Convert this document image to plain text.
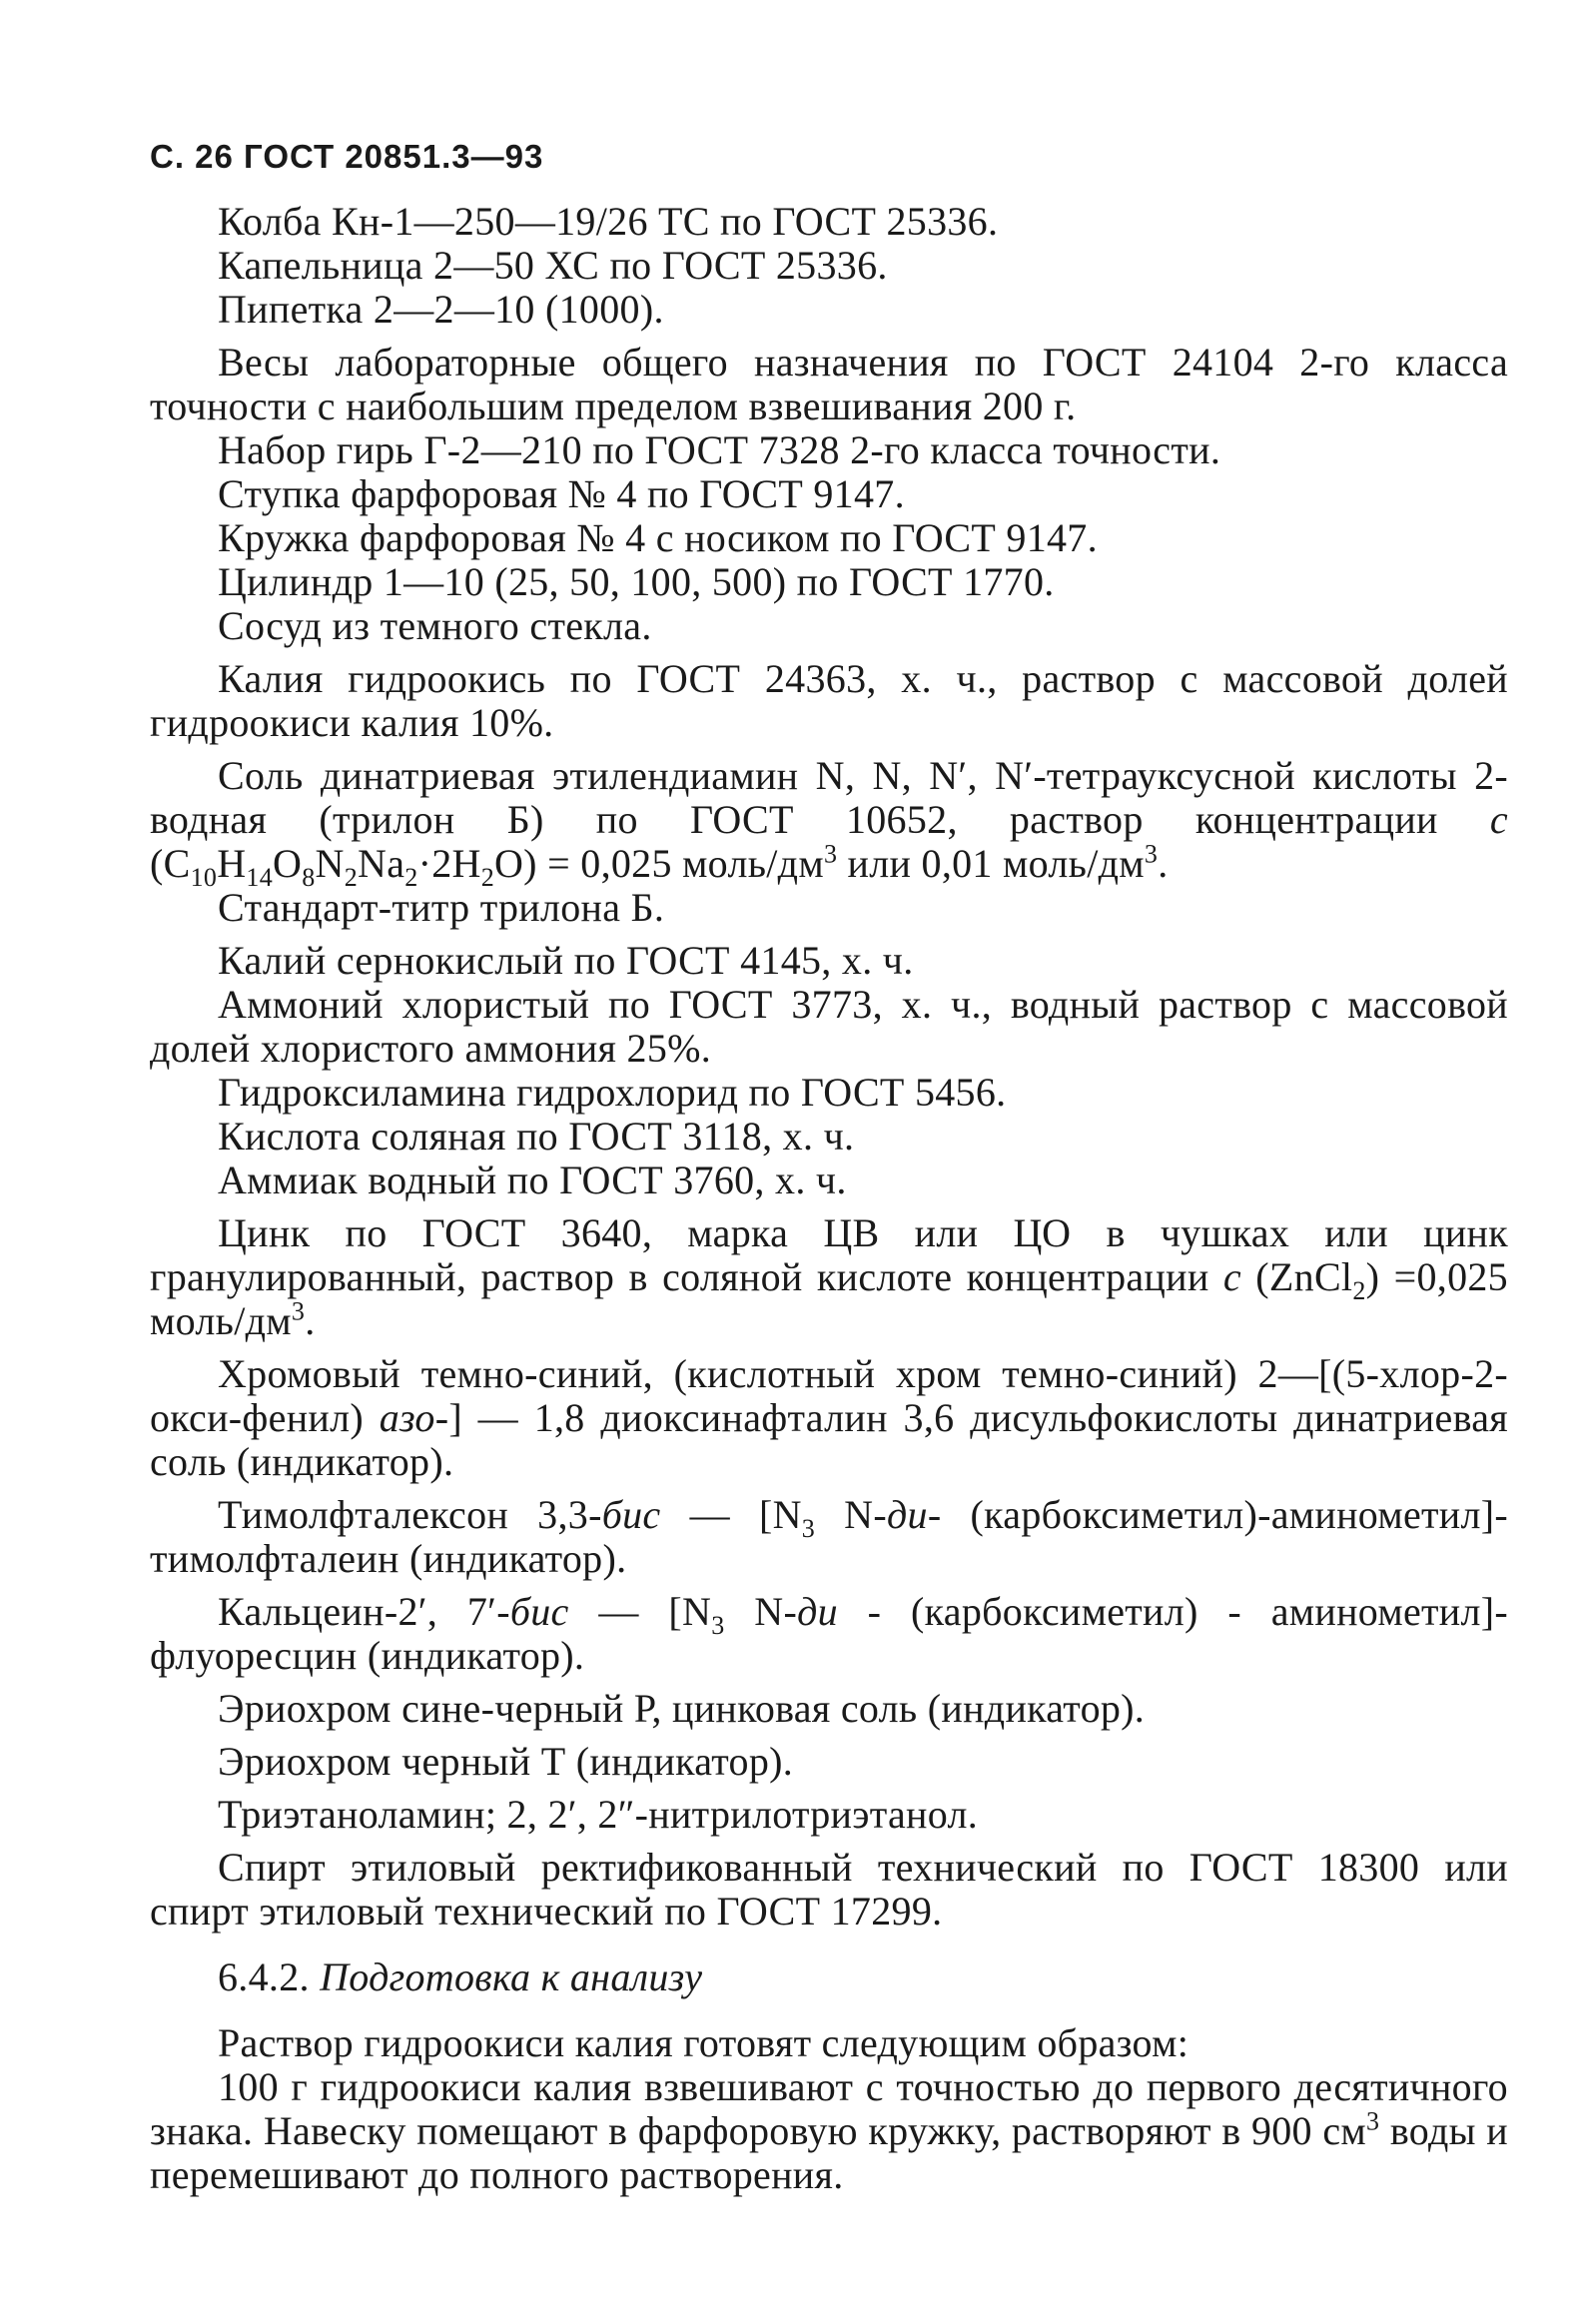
С. 26 ГОСТ 20851.3—93

Колба Кн-1—250—19/26 ТС по ГОСТ 25336.

Капельница 2—50 ХС по ГОСТ 25336.

Пипетка 2—2—10 (1000).

Весы лабораторные общего назначения по ГОСТ 24104 2-го класса точности с наибольшим пределом взвешивания 200 г.

Набор гирь Г-2—210 по ГОСТ 7328 2-го класса точности.

Ступка фарфоровая № 4 по ГОСТ 9147.

Кружка фарфоровая № 4 с носиком по ГОСТ 9147.

Цилиндр 1—10 (25, 50, 100, 500) по ГОСТ 1770.

Сосуд из темного стекла.

Калия гидроокись по ГОСТ 24363, х. ч., раствор с массовой долей гидроокиси калия 10%.

Соль динатриевая этилендиамин N, N, N′, N′-тетрауксусной кислоты 2-водная (трилон Б) по ГОСТ 10652, раствор концентрации c $(C_{10}H_{14}O_8N_2Na_2\cdot 2H_2O) = 0,025$ моль/$дм^3$ или 0,01 моль/$дм^3$.

Стандарт-титр трилона Б.

Калий сернокислый по ГОСТ 4145, х. ч.

Аммоний хлористый по ГОСТ 3773, х. ч., водный раствор с массовой долей хлористого аммония 25%.

Гидроксиламина гидрохлорид по ГОСТ 5456.

Кислота соляная по ГОСТ 3118, х. ч.

Аммиак водный по ГОСТ 3760, х. ч.

Цинк по ГОСТ 3640, марка ЦВ или ЦО в чушках или цинк гранулированный, раствор в соляной кислоте концентрации c (ZnCl$_2$) =0,025 моль/$дм^3$.

Хромовый темно-синий, (кислотный хром темно-синий) 2—[(5-хлор-2-окси-фенил) азо-] — 1,8 диоксинафталин 3,6 дисульфокислоты динатриевая соль (индикатор).

Тимолфталексон 3,3-бис — [$N_3$ N-ди- (карбоксиметил)-аминометил]-тимолфталеин (индикатор).

Кальцеин-2′, 7′-бис — [$N_3$ N-ди - (карбоксиметил) - аминометил]-флуоресцин (индикатор).

Эриохром сине-черный Р, цинковая соль (индикатор).

Эриохром черный Т (индикатор).

Триэтаноламин; 2, 2′, 2″-нитрилотриэтанол.

Спирт этиловый ректификованный технический по ГОСТ 18300 или спирт этиловый технический по ГОСТ 17299.

6.4.2. Подготовка к анализу

Раствор гидроокиси калия готовят следующим образом:

100 г гидроокиси калия взвешивают с точностью до первого десятичного знака. Навеску помещают в фарфоровую кружку, растворяют в 900 $см^3$ воды и перемешивают до полного растворения.
